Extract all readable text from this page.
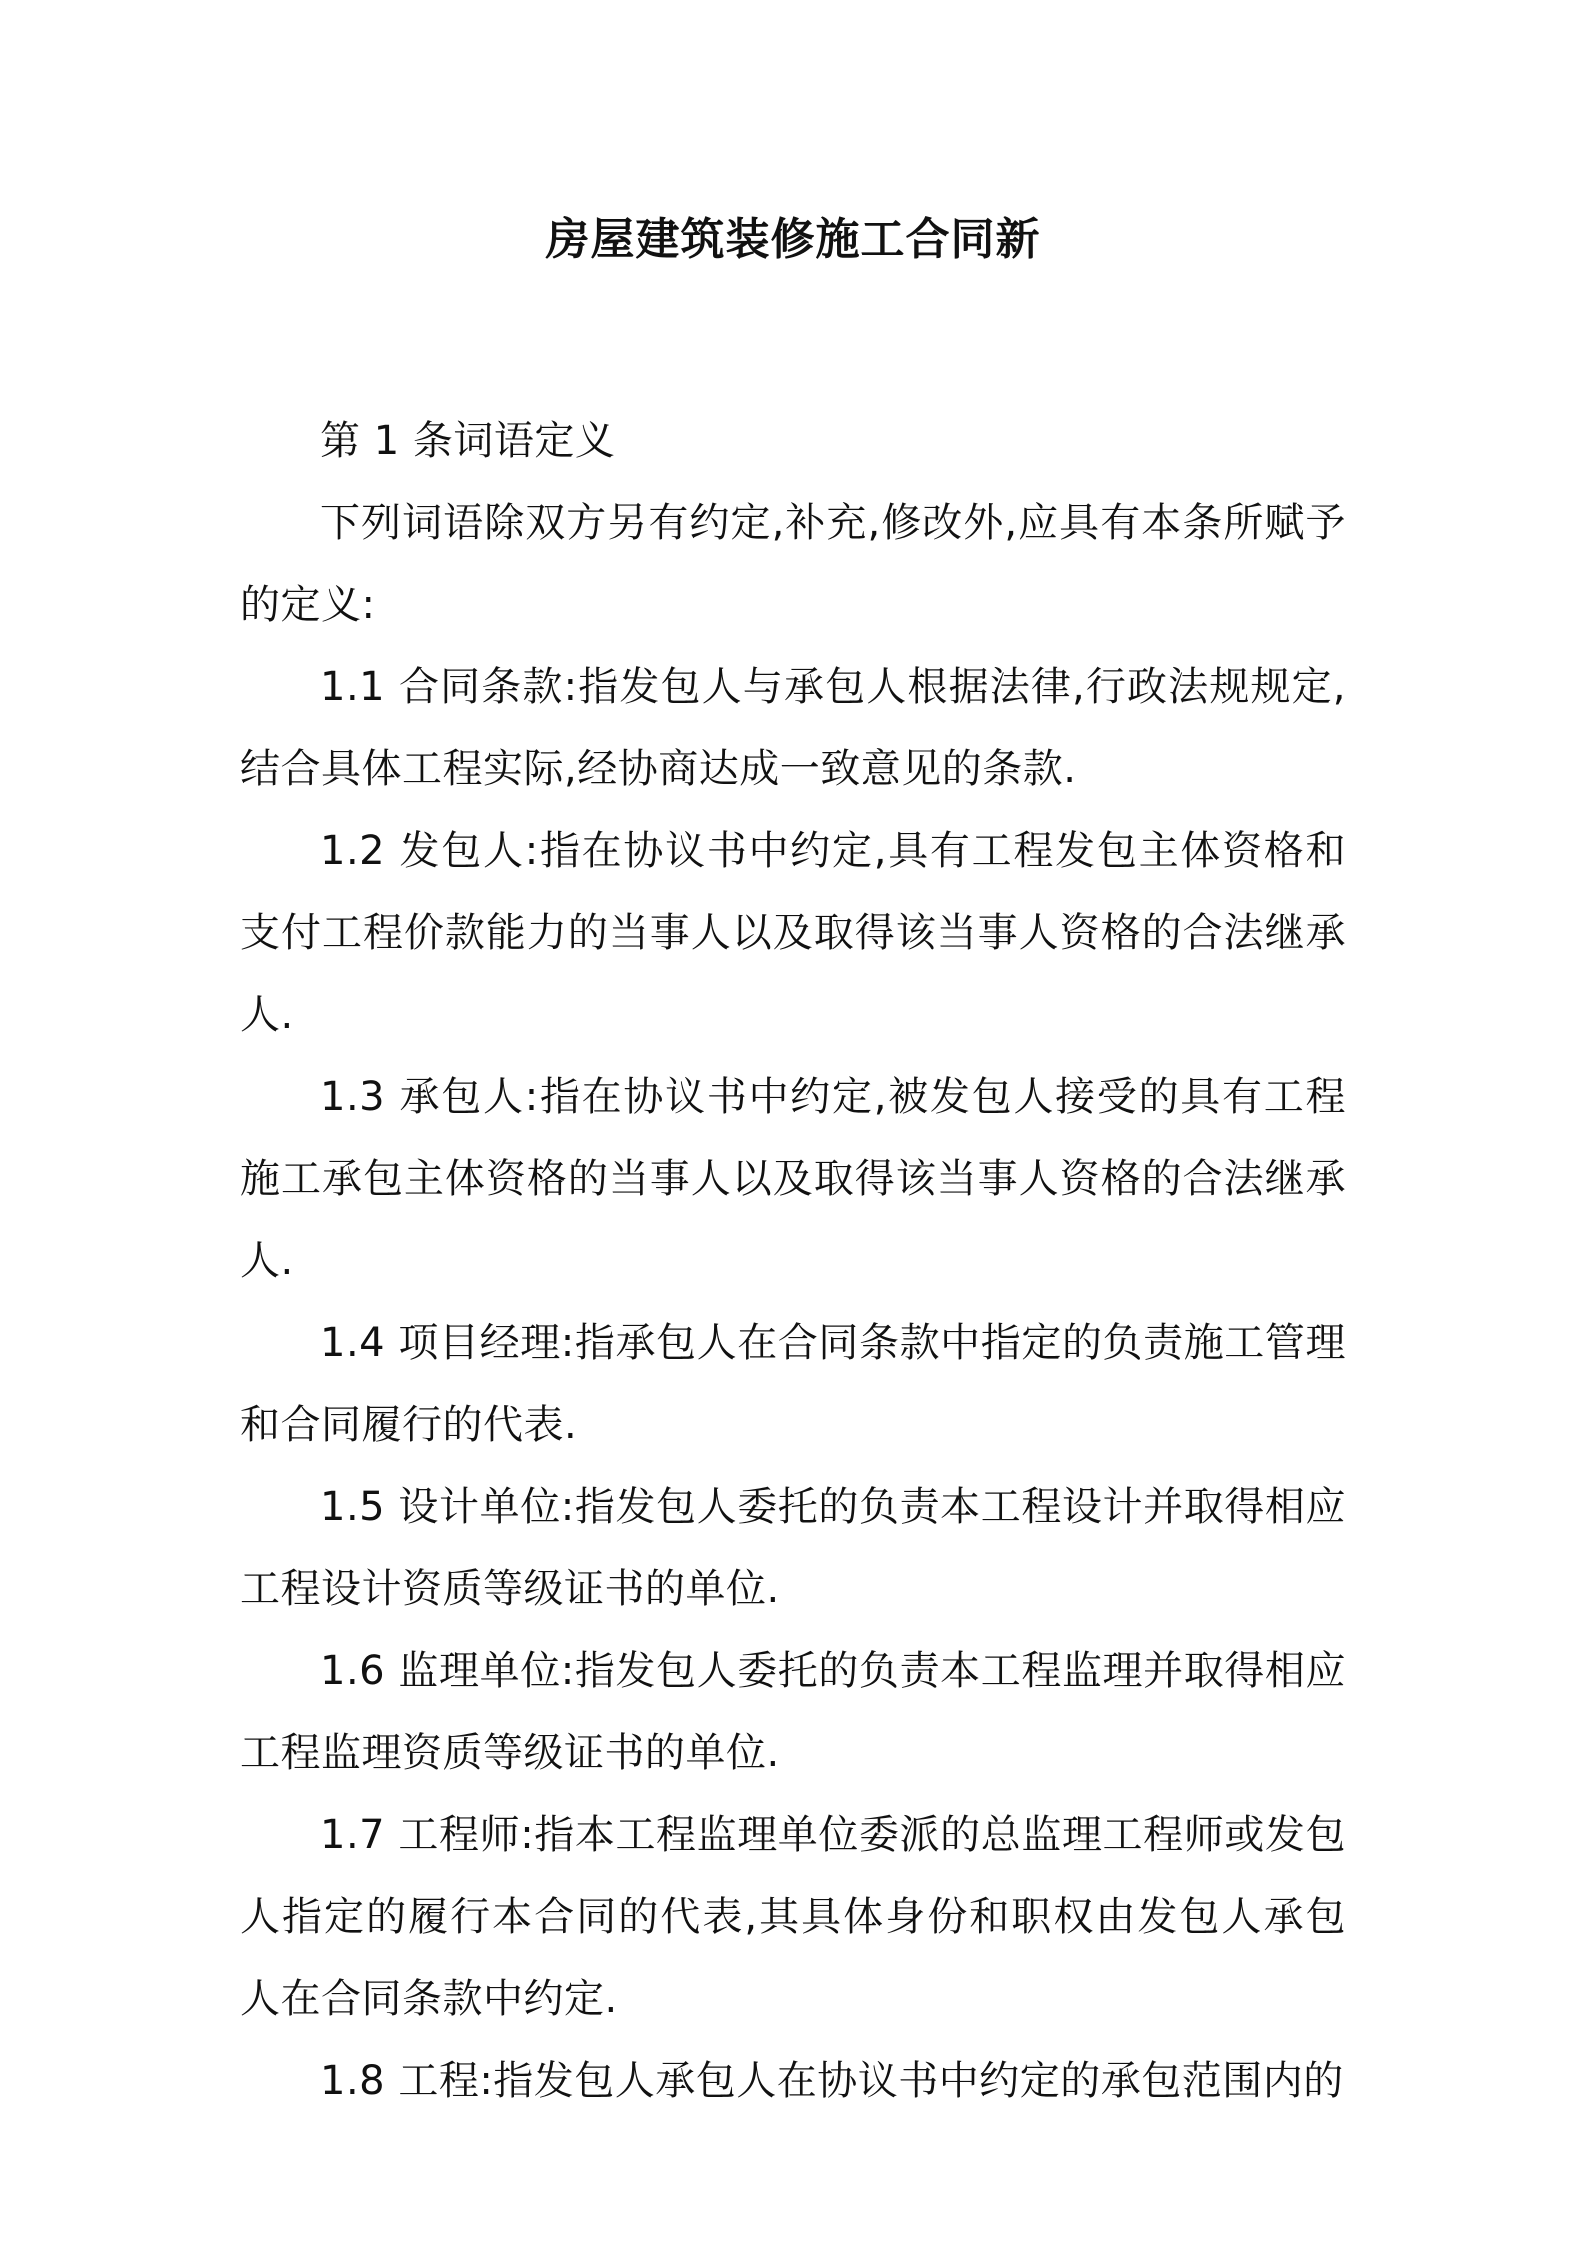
房屋建筑装修施工合同新

第 1 条词语定义

下列词语除双方另有约定,补充,修改外,应具有本条所赋予的定义:

1.1 合同条款:指发包人与承包人根据法律,行政法规规定,结合具体工程实际,经协商达成一致意见的条款.

1.2 发包人:指在协议书中约定,具有工程发包主体资格和支付工程价款能力的当事人以及取得该当事人资格的合法继承人.

1.3 承包人:指在协议书中约定,被发包人接受的具有工程施工承包主体资格的当事人以及取得该当事人资格的合法继承人.

1.4 项目经理:指承包人在合同条款中指定的负责施工管理和合同履行的代表.

1.5 设计单位:指发包人委托的负责本工程设计并取得相应工程设计资质等级证书的单位.

1.6 监理单位:指发包人委托的负责本工程监理并取得相应工程监理资质等级证书的单位.

1.7 工程师:指本工程监理单位委派的总监理工程师或发包人指定的履行本合同的代表,其具体身份和职权由发包人承包人在合同条款中约定.

1.8 工程:指发包人承包人在协议书中约定的承包范围内的
